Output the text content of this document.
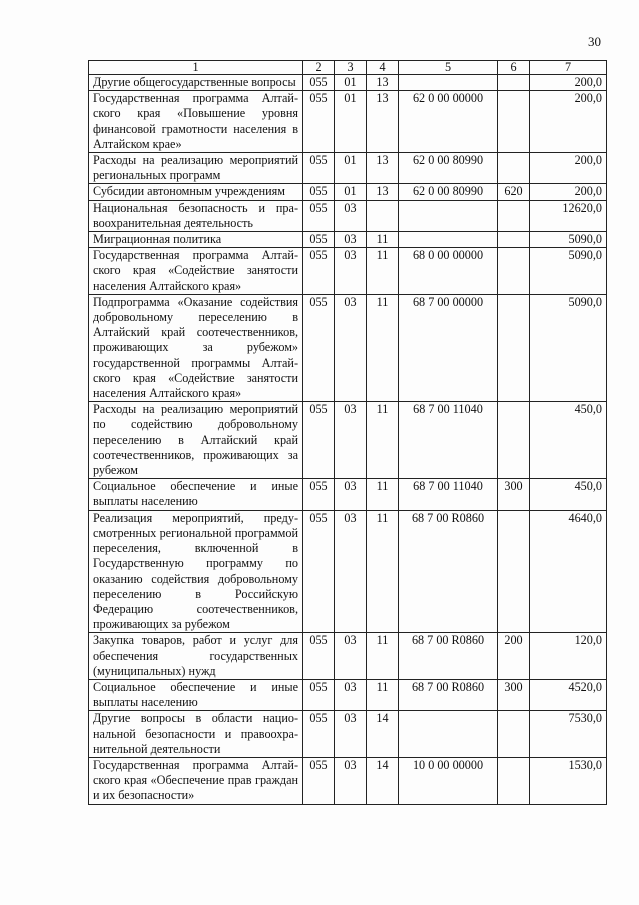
30
1	2	3	4	5	6	7
Другие общегосударственные вопросы	055	01	13			200,0
Государственная программа Алтайского края «Повышение уровня финансовой грамотности населения в Алтайском крае»	055	01	13	62 0 00 00000		200,0
Расходы на реализацию мероприятий региональных программ	055	01	13	62 0 00 80990		200,0
Субсидии автономным учреждениям	055	01	13	62 0 00 80990	620	200,0
Национальная безопасность и правоохранительная деятельность	055	03				12620,0
Миграционная политика	055	03	11			5090,0
Государственная программа Алтайского края «Содействие занятости населения Алтайского края»	055	03	11	68 0 00 00000		5090,0
Подпрограмма «Оказание содействия добровольному переселению в Алтайский край соотечественников, проживающих за рубежом» государственной программы Алтайского края «Содействие занятости населения Алтайского края»	055	03	11	68 7 00 00000		5090,0
Расходы на реализацию мероприятий по содействию добровольному переселению в Алтайский край соотечественников, проживающих за рубежом	055	03	11	68 7 00 11040		450,0
Социальное обеспечение и иные выплаты населению	055	03	11	68 7 00 11040	300	450,0
Реализация мероприятий, предусмотренных региональной программой переселения, включенной в Государственную программу по оказанию содействия добровольному переселению в Российскую Федерацию соотечественников, проживающих за рубежом	055	03	11	68 7 00 R0860		4640,0
Закупка товаров, работ и услуг для обеспечения государственных (муниципальных) нужд	055	03	11	68 7 00 R0860	200	120,0
Социальное обеспечение и иные выплаты населению	055	03	11	68 7 00 R0860	300	4520,0
Другие вопросы в области национальной безопасности и правоохранительной деятельности	055	03	14			7530,0
Государственная программа Алтайского края «Обеспечение прав граждан и их безопасности»	055	03	14	10 0 00 00000		1530,0
